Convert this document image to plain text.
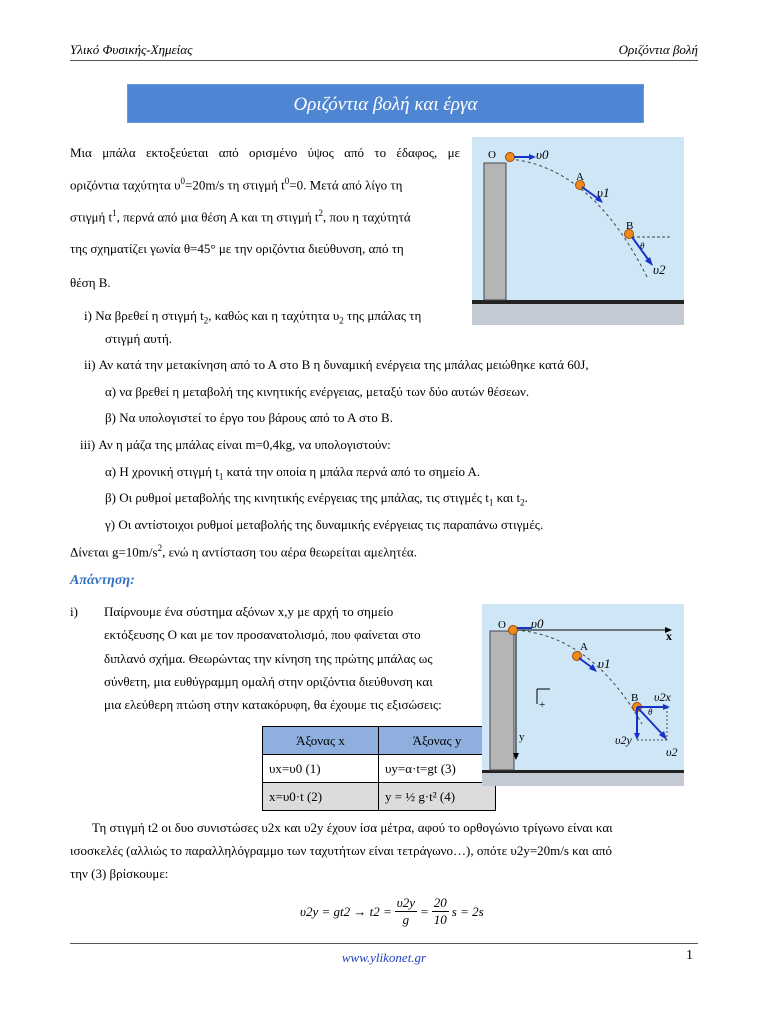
Υλικό Φυσικής-Χημείας	Οριζόντια βολή
Οριζόντια βολή και έργα
Μια μπάλα εκτοξεύεται από ορισμένο ύψος από το έδαφος, με
οριζόντια ταχύτητα $\upsilon^0=20m/s$ τη στιγμή $t^0=0$. Μετά από λίγο τη
στιγμή $t^1$, περνά από μια θέση Α και τη στιγμή $t^2$, που η ταχύτητά
της σχηματίζει γωνία θ=45° με την οριζόντια διεύθυνση, από τη
θέση Β.
O	υ0
A
υ1
B
θ
υ2
i) Να βρεθεί η στιγμή $t_2$, καθώς και η ταχύτητα $\upsilon_2$ της μπάλας τη
στιγμή αυτή.
ii) Αν κατά την μετακίνηση από το Α στο Β η δυναμική ενέργεια της μπάλας μειώθηκε κατά 60J,
α) να βρεθεί η μεταβολή της κινητικής ενέργειας, μεταξύ των δύο αυτών θέσεων.
β) Να υπολογιστεί το έργο του βάρους από το Α στο Β.
iii) Αν η μάζα της μπάλας είναι m=0,4kg, να υπολογιστούν:
α) Η χρονική στιγμή $t_1$ κατά την οποία η μπάλα περνά από το σημείο Α.
β) Οι ρυθμοί μεταβολής της κινητικής ενέργειας της μπάλας, τις στιγμές $t_1$ και $t_2$.
γ) Οι αντίστοιχοι ρυθμοί μεταβολής της δυναμικής ενέργειας τις παραπάνω στιγμές.
Δίνεται $g=10m/s^2$, ενώ η αντίσταση του αέρα θεωρείται αμελητέα.
Απάντηση:
i) Παίρνουμε ένα σύστημα αξόνων x,y με αρχή το σημείο
εκτόξευσης Ο και με τον προσανατολισμό, που φαίνεται στο
διπλανό σχήμα. Θεωρώντας την κίνηση της πρώτης μπάλας ως
σύνθετη, μια ευθύγραμμη ομαλή στην οριζόντια διεύθυνση και
μια ελεύθερη πτώση στην κατακόρυφη, θα έχουμε τις εξισώσεις:
Άξονας x	Άξονας y
υx=υ0 (1)	υy=α·t=gt (3)
x=υ0·t (2)	y = ½ g·t² (4)
O υ0
x
A
υ1
+
B
θ
υ2x
υ2y
υ2
y
Τη στιγμή t2 οι δυο συνιστώσες υ2x και υ2y έχουν ίσα μέτρα, αφού το ορθογώνιο τρίγωνο είναι και
ισοσκελές (αλλιώς το παραλληλόγραμμο των ταχυτήτων είναι τετράγωνο…), οπότε υ2y=20m/s και από
την (3) βρίσκουμε:
$\upsilon 2y = gt2 \to t2 = \frac{\upsilon 2y}{g} = \frac{20}{10}$ s = 2s
www.ylikonet.gr	1
